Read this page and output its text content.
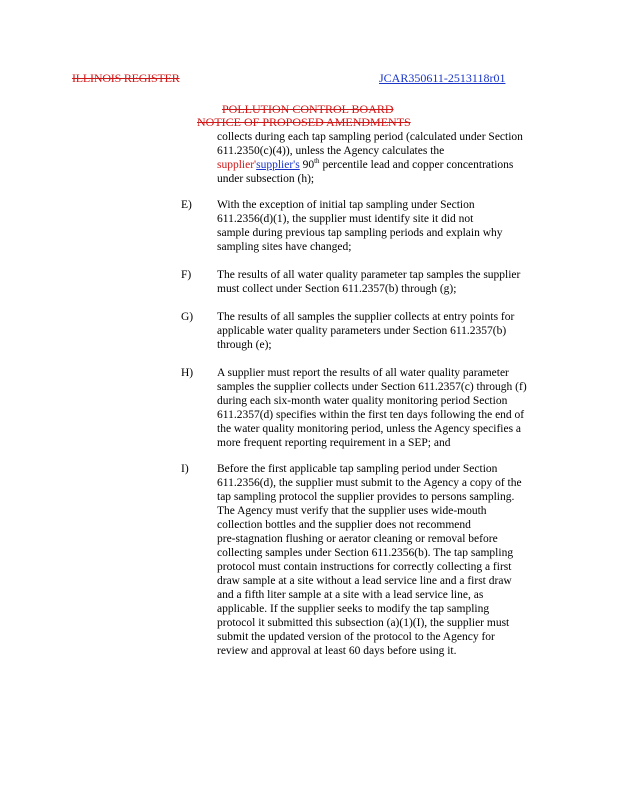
ILLINOIS REGISTER	JCAR350611-2513118r01
POLLUTION CONTROL BOARD
NOTICE OF PROPOSED AMENDMENTS
collects during each tap sampling period (calculated under Section
611.2350(c)(4)), unless the Agency calculates the
supplier'supplier's 90th percentile lead and copper concentrations
under subsection (h);
E) With the exception of initial tap sampling under Section
611.2356(d)(1), the supplier must identify site it did not
sample during previous tap sampling periods and explain why
sampling sites have changed;
F) The results of all water quality parameter tap samples the supplier
must collect under Section 611.2357(b) through (g);
G) The results of all samples the supplier collects at entry points for
applicable water quality parameters under Section 611.2357(b)
through (e);
H) A supplier must report the results of all water quality parameter
samples the supplier collects under Section 611.2357(c) through (f)
during each six-month water quality monitoring period Section
611.2357(d) specifies within the first ten days following the end of
the water quality monitoring period, unless the Agency specifies a
more frequent reporting requirement in a SEP; and
I) Before the first applicable tap sampling period under Section
611.2356(d), the supplier must submit to the Agency a copy of the
tap sampling protocol the supplier provides to persons sampling.
The Agency must verify that the supplier uses wide-mouth
collection bottles and the supplier does not recommend
pre-stagnation flushing or aerator cleaning or removal before
collecting samples under Section 611.2356(b). The tap sampling
protocol must contain instructions for correctly collecting a first
draw sample at a site without a lead service line and a first draw
and a fifth liter sample at a site with a lead service line, as
applicable. If the supplier seeks to modify the tap sampling
protocol it submitted this subsection (a)(1)(I), the supplier must
submit the updated version of the protocol to the Agency for
review and approval at least 60 days before using it.
